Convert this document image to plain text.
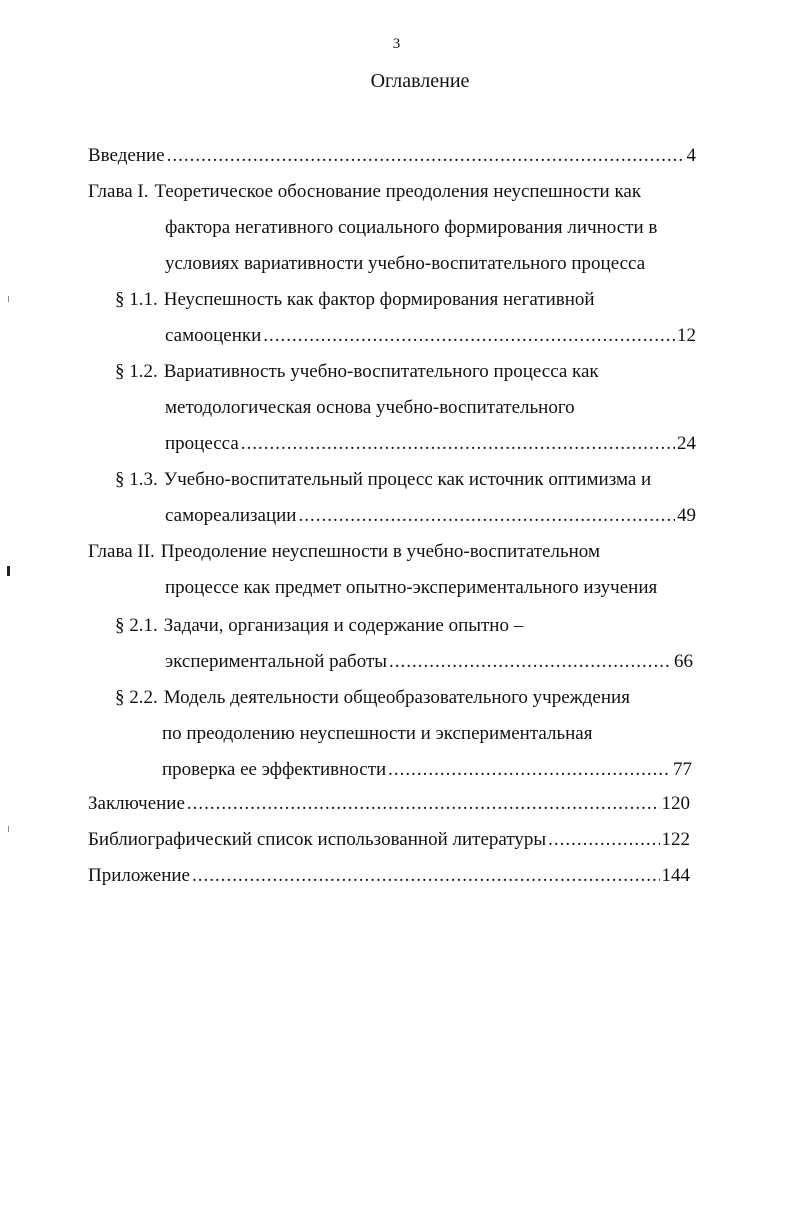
3
Оглавление
Введение .....	4
Глава I. Теоретическое обоснование преодоления неуспешности как
фактора негативного социального формирования личности в
условиях вариативности учебно-воспитательного процесса
§ 1.1. Неуспешность как фактор формирования негативной
самооценки .....	12
§ 1.2. Вариативность учебно-воспитательного процесса как
методологическая основа учебно-воспитательного
процесса .....	24
§ 1.3. Учебно-воспитательный процесс как источник оптимизма и
самореализации .....	49
Глава II. Преодоление неуспешности в учебно-воспитательном
процессе как предмет опытно-экспериментального изучения
§ 2.1. Задачи, организация и содержание опытно –
экспериментальной работы .....	66
§ 2.2. Модель деятельности общеобразовательного учреждения
по преодолению неуспешности и экспериментальная
проверка ее эффективности .....	77
Заключение .....	120
Библиографический список использованной литературы .....	122
Приложение .....	144
